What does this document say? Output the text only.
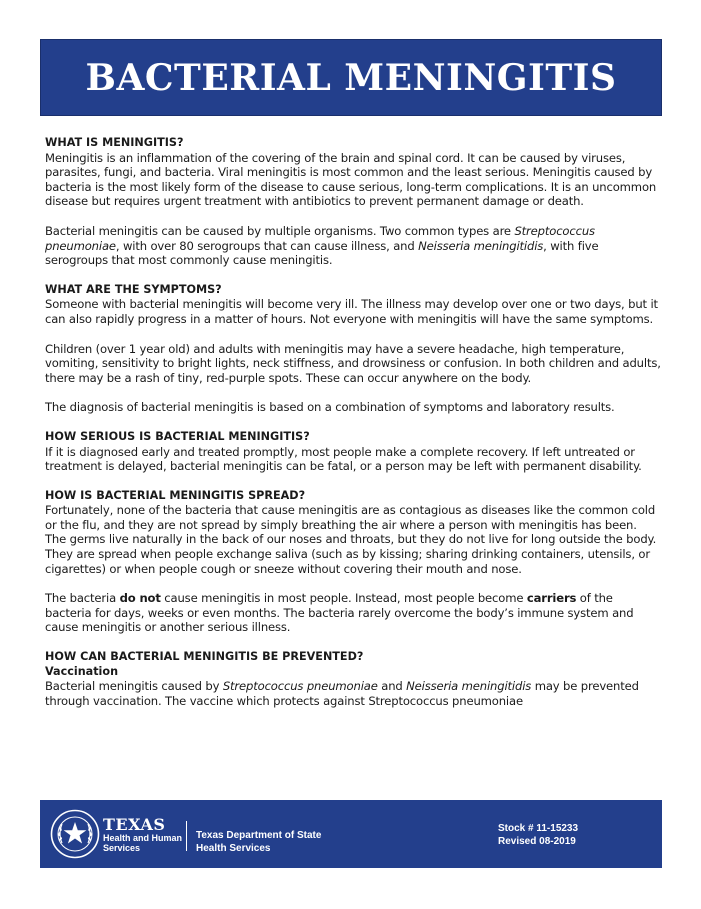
BACTERIAL MENINGITIS
WHAT IS MENINGITIS?

Meningitis is an inflammation of the covering of the brain and spinal cord. It can be caused by viruses, parasites, fungi, and bacteria. Viral meningitis is most common and the least serious. Meningitis caused by bacteria is the most likely form of the disease to cause serious, long-term complications. It is an uncommon disease but requires urgent treatment with antibiotics to prevent permanent damage or death.

Bacterial meningitis can be caused by multiple organisms. Two common types are Streptococcus pneumoniae, with over 80 serogroups that can cause illness, and Neisseria meningitidis, with five serogroups that most commonly cause meningitis.

WHAT ARE THE SYMPTOMS?

Someone with bacterial meningitis will become very ill. The illness may develop over one or two days, but it can also rapidly progress in a matter of hours. Not everyone with meningitis will have the same symptoms.

Children (over 1 year old) and adults with meningitis may have a severe headache, high temperature, vomiting, sensitivity to bright lights, neck stiffness, and drowsiness or confusion. In both children and adults, there may be a rash of tiny, red-purple spots. These can occur anywhere on the body.

The diagnosis of bacterial meningitis is based on a combination of symptoms and laboratory results.

HOW SERIOUS IS BACTERIAL MENINGITIS?

If it is diagnosed early and treated promptly, most people make a complete recovery. If left untreated or treatment is delayed, bacterial meningitis can be fatal, or a person may be left with permanent disability.

HOW IS BACTERIAL MENINGITIS SPREAD?

Fortunately, none of the bacteria that cause meningitis are as contagious as diseases like the common cold or the flu, and they are not spread by simply breathing the air where a person with meningitis has been. The germs live naturally in the back of our noses and throats, but they do not live for long outside the body. They are spread when people exchange saliva (such as by kissing; sharing drinking containers, utensils, or cigarettes) or when people cough or sneeze without covering their mouth and nose.

The bacteria do not cause meningitis in most people. Instead, most people become carriers of the bacteria for days, weeks or even months. The bacteria rarely overcome the body’s immune system and cause meningitis or another serious illness.

HOW CAN BACTERIAL MENINGITIS BE PREVENTED?
Vaccination

Bacterial meningitis caused by Streptococcus pneumoniae and Neisseria meningitidis may be prevented through vaccination. The vaccine which protects against Streptococcus pneumoniae

TEXAS
Health and Human
Services
Texas Department of State
Health Services
Stock # 11-15233
Revised 08-2019
